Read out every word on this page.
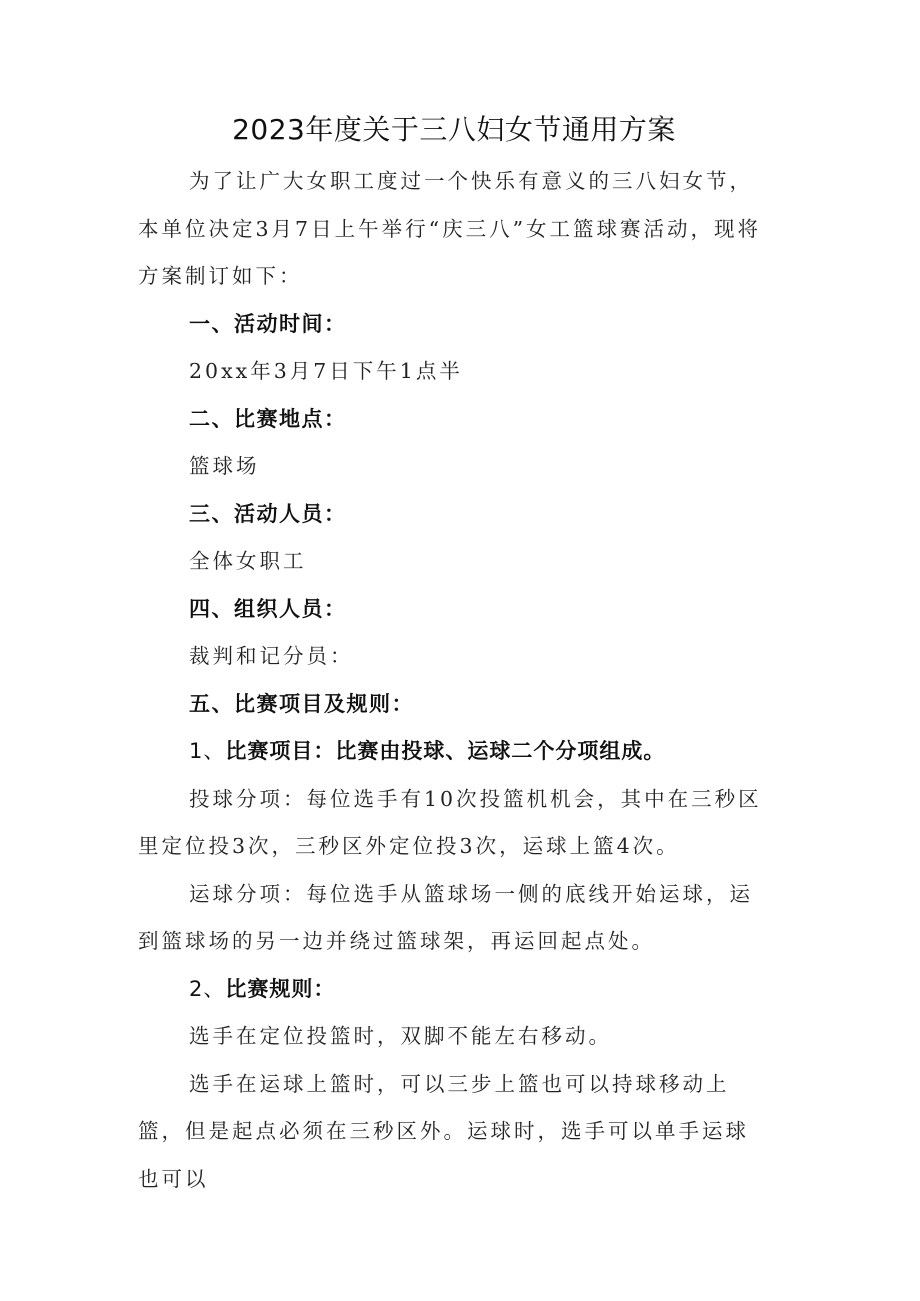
2023年度关于三八妇女节通用方案

为了让广大女职工度过一个快乐有意义的三八妇女节，本单位决定3月7日上午举行“庆三八”女工篮球赛活动，现将方案制订如下：

一、活动时间：

20xx年3月7日下午1点半

二、比赛地点：

篮球场

三、活动人员：

全体女职工

四、组织人员：

裁判和记分员：

五、比赛项目及规则：

1、比赛项目：比赛由投球、运球二个分项组成。

投球分项：每位选手有10次投篮机机会，其中在三秒区里定位投3次，三秒区外定位投3次，运球上篮4次。

运球分项：每位选手从篮球场一侧的底线开始运球，运到篮球场的另一边并绕过篮球架，再运回起点处。

2、比赛规则：

选手在定位投篮时，双脚不能左右移动。

选手在运球上篮时，可以三步上篮也可以持球移动上篮，但是起点必须在三秒区外。运球时，选手可以单手运球也可以
